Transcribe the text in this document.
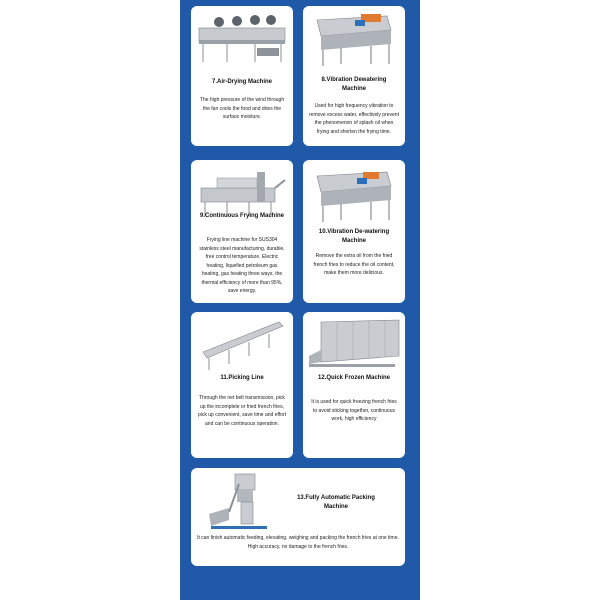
7.Air-Drying Machine
The high pressure of the wind through the fan cools the food and dries the surface moisture.
8.Vibration Dewatering Machine
Used for high frequency vibration to remove excess water, effectively prevent the phenomenon of splash oil when frying and shorten the frying time.
9.Continuous Frying Machine
Frying line machine for SUS304 stainless steel manufacturing, durable, free control temperature. Electric heating, liquefied petroleum gas heating, gas heating three ways, the thermal efficiency of more than 95%, save energy.
10.Vibration De-watering Machine
Remove the extra oil from the fried french fries to reduce the oil content, make them more delicious.
11.Picking Line
Through the net belt transmission, pick up the incomplete or fried french fries, pick up convenient, save time and effort and can be continuous operation.
12.Quick Frozen Machine
It is used for quick freezing french fries to avoid sticking together, continuous work, high efficiency
13.Fully Automatic Packing Machine
It can finish automatic feeding, elevating, weighing and packing the french fries at one time. High accuracy, no damage to the french fries.
